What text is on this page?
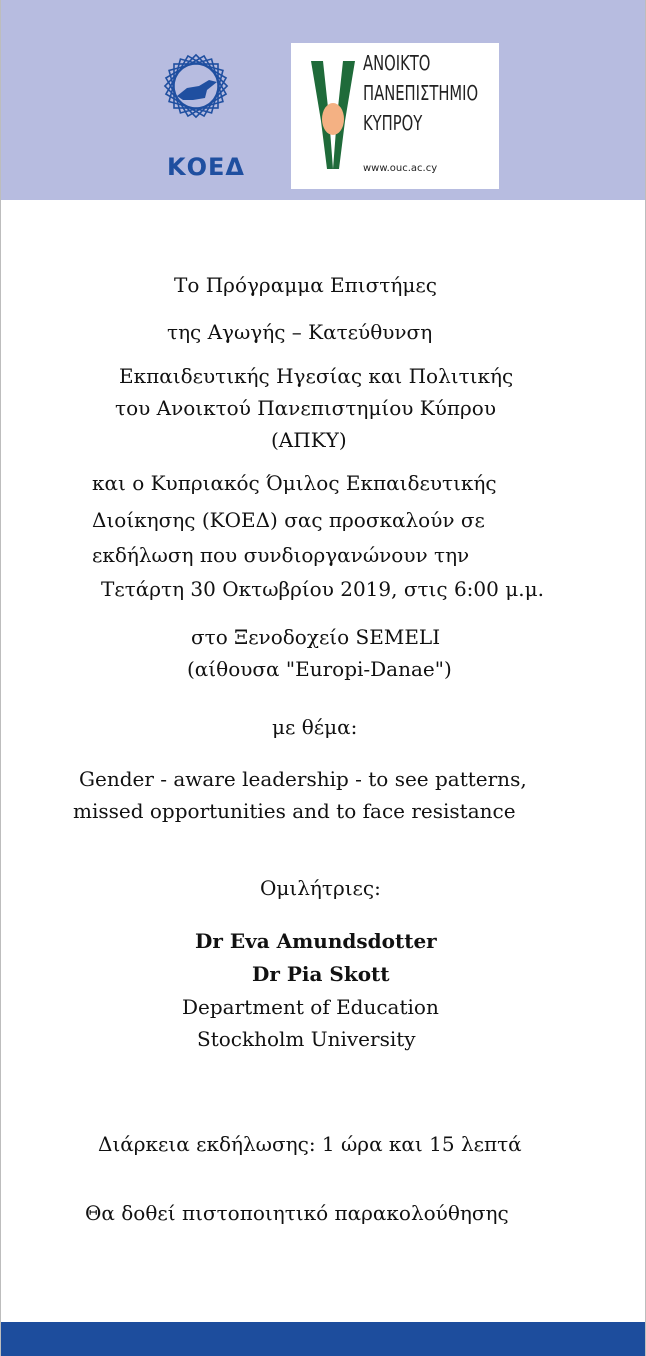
ΚΟΕΔ
ΑΝΟΙΚΤΟ
ΠΑΝΕΠΙΣΤΗΜΙΟ
ΚΥΠΡΟΥ
www.ouc.ac.cy
Το Πρόγραμμα Επιστήμες
της Αγωγής – Κατεύθυνση
Εκπαιδευτικής Ηγεσίας και Πολιτικής
του Ανοικτού Πανεπιστημίου Κύπρου
(ΑΠΚΥ)
και ο Κυπριακός Όμιλος Εκπαιδευτικής
Διοίκησης (ΚΟΕΔ) σας προσκαλούν σε
εκδήλωση που συνδιοργανώνουν την
Τετάρτη 30 Οκτωβρίου 2019, στις 6:00 μ.μ.
στο Ξενοδοχείο SEMELI
(αίθουσα "Europi-Danae")
με θέμα:
Gender - aware leadership - to see patterns,
missed opportunities and to face resistance
Ομιλήτριες:
Dr Eva Amundsdotter
Dr Pia Skott
Department of Education
Stockholm University
Διάρκεια εκδήλωσης: 1 ώρα και 15 λεπτά
Θα δοθεί πιστοποιητικό παρακολούθησης
